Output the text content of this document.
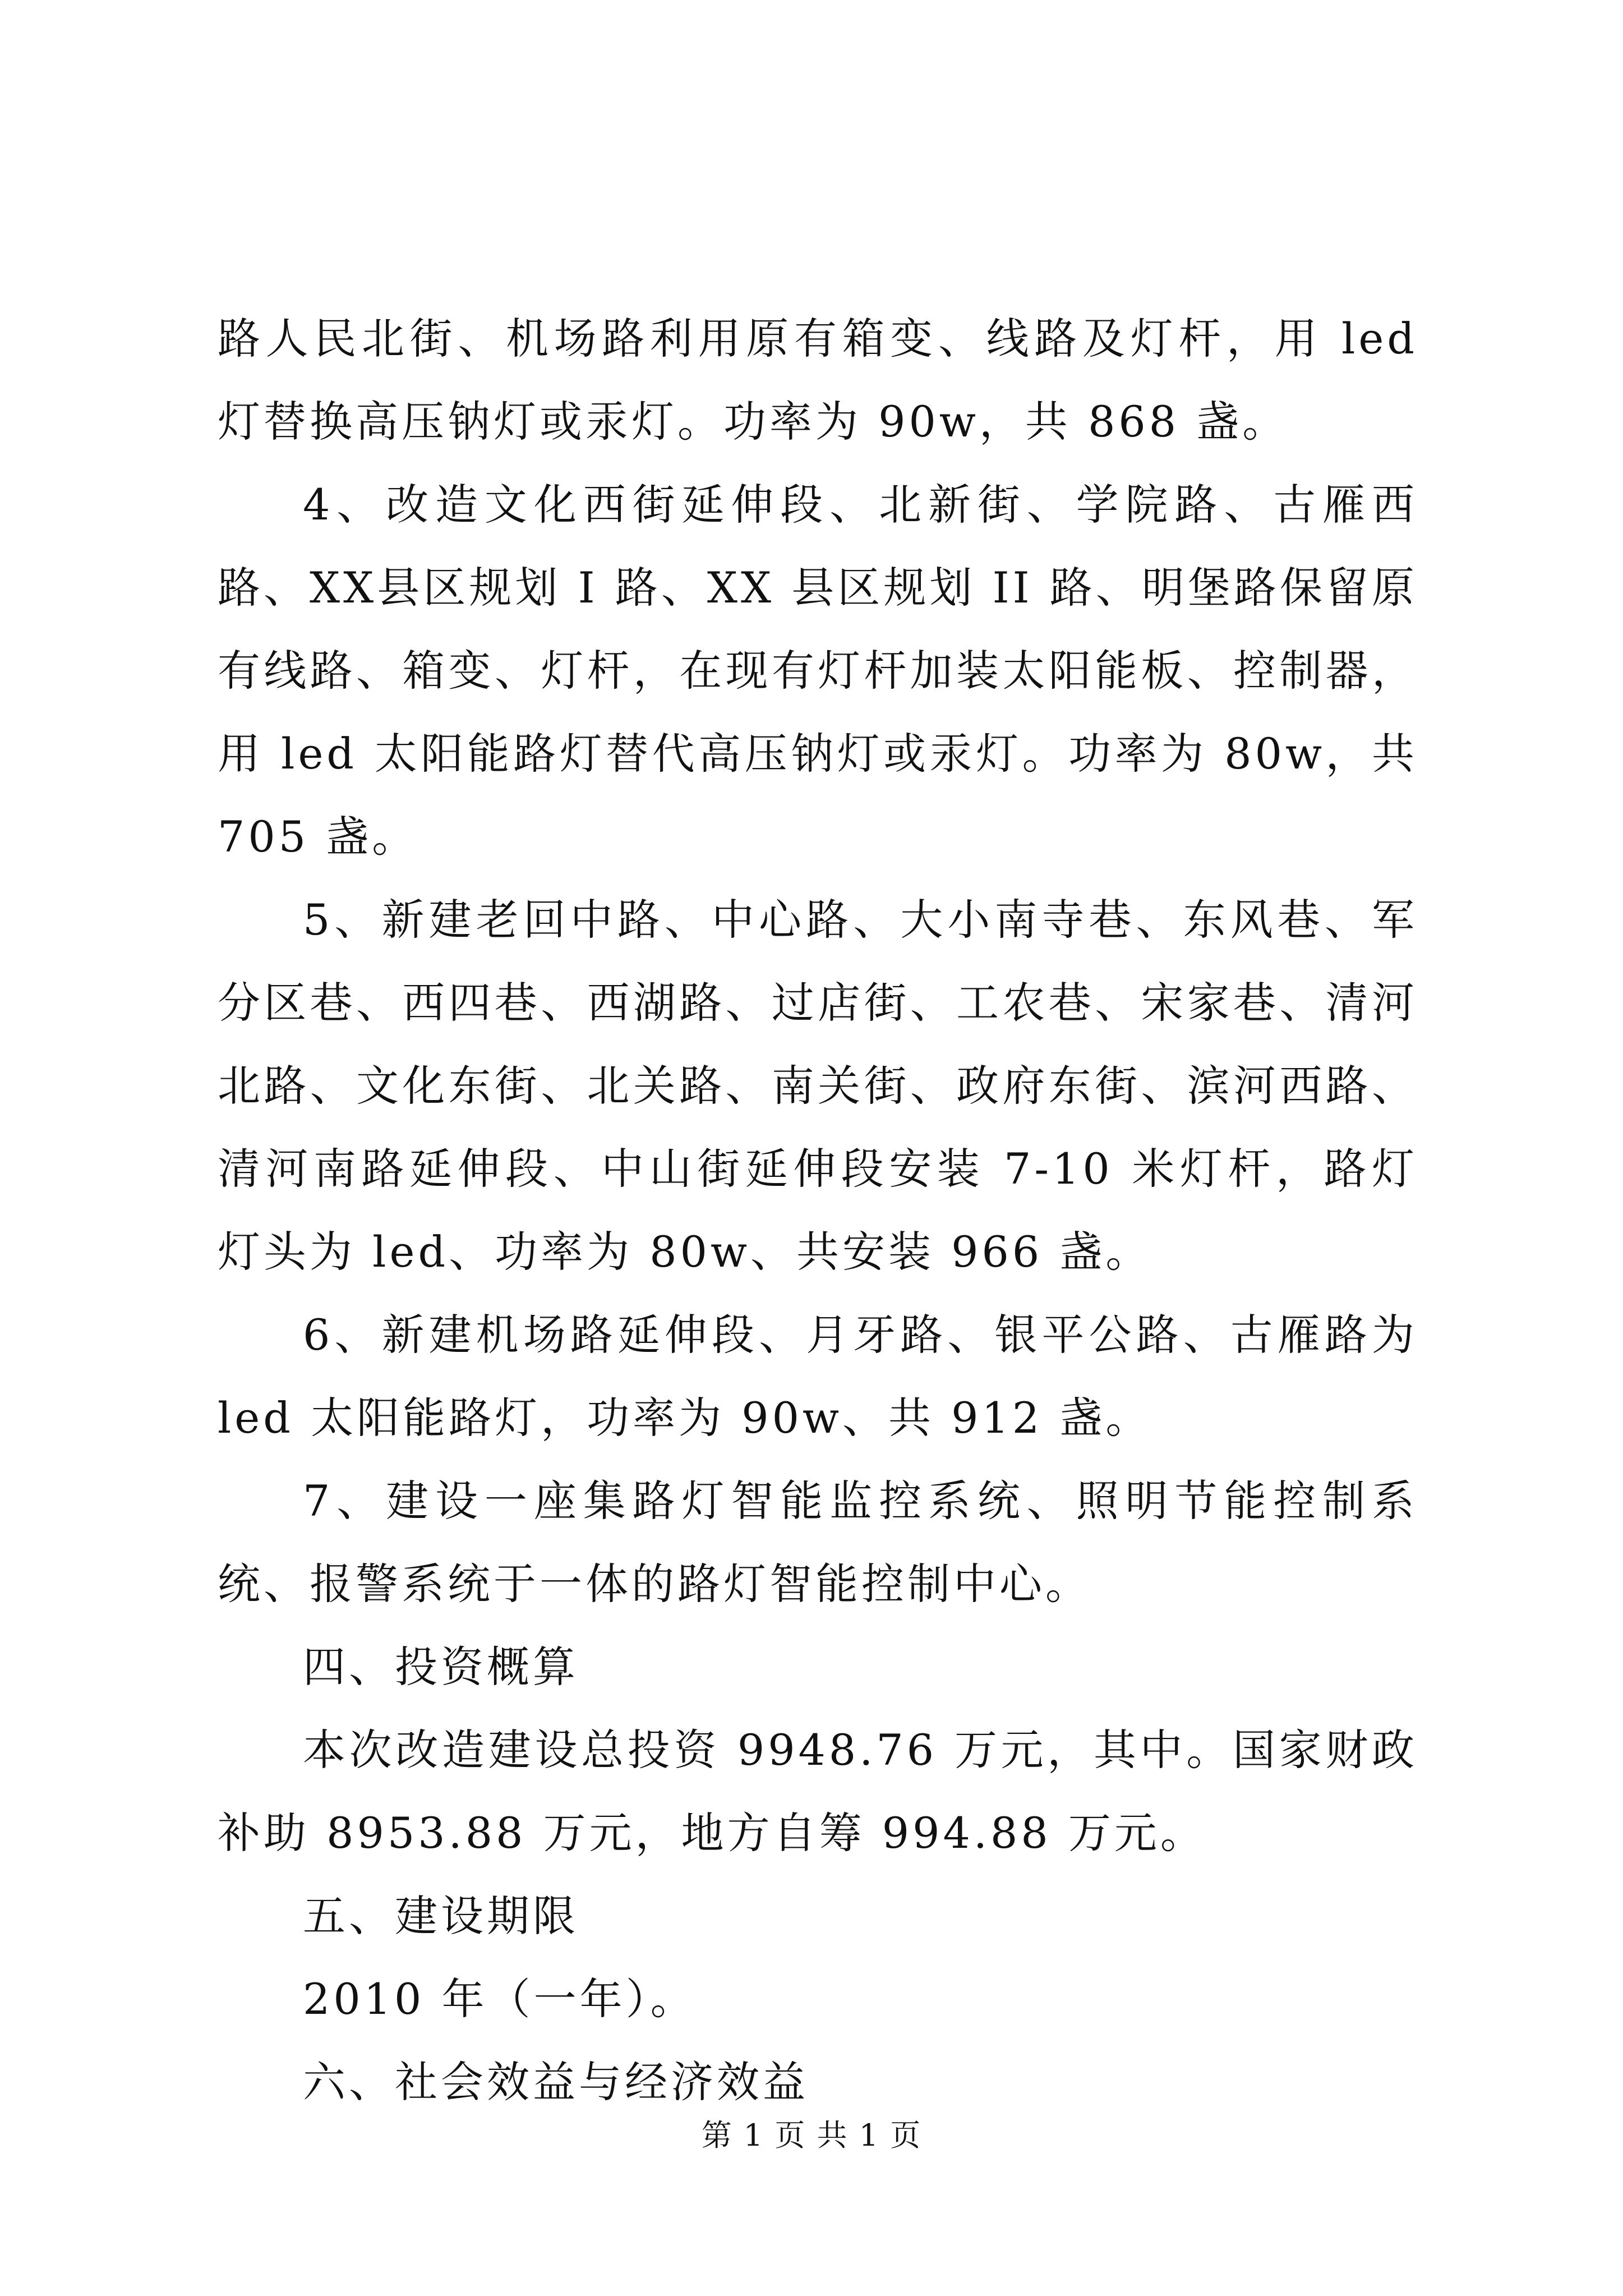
路人民北街、机场路利用原有箱变、线路及灯杆，用 led 灯替换高压钠灯或汞灯。功率为 90w，共 868 盏。

4、改造文化西街延伸段、北新街、学院路、古雁西路、XX县区规划 I 路、XX 县区规划 II 路、明堡路保留原有线路、箱变、灯杆，在现有灯杆加装太阳能板、控制器，用 led 太阳能路灯替代高压钠灯或汞灯。功率为 80w，共 705 盏。

5、新建老回中路、中心路、大小南寺巷、东风巷、军分区巷、西四巷、西湖路、过店街、工农巷、宋家巷、清河北路、文化东街、北关路、南关街、政府东街、滨河西路、清河南路延伸段、中山街延伸段安装 7-10 米灯杆，路灯灯头为 led、功率为 80w、共安装 966 盏。

6、新建机场路延伸段、月牙路、银平公路、古雁路为 led 太阳能路灯，功率为 90w、共 912 盏。

7、建设一座集路灯智能监控系统、照明节能控制系统、报警系统于一体的路灯智能控制中心。

四、投资概算

本次改造建设总投资 9948.76 万元，其中。国家财政补助 8953.88 万元，地方自筹 994.88 万元。

五、建设期限

2010 年（一年）。

六、社会效益与经济效益

第 1 页 共 1 页
